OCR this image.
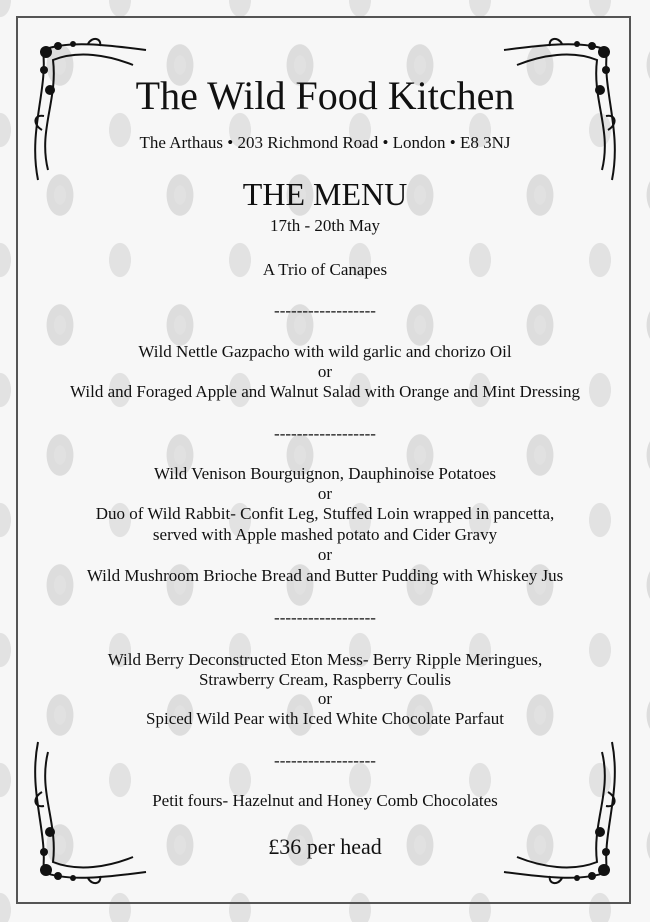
The Wild Food Kitchen
The Arthaus • 203 Richmond Road • London • E8 3NJ
THE MENU
17th - 20th May
A Trio of Canapes
------------------
Wild Nettle Gazpacho with wild garlic and chorizo Oil
or
Wild and Foraged Apple and Walnut Salad with Orange and Mint Dressing
------------------
Wild Venison Bourguignon, Dauphinoise Potatoes
or
Duo of Wild Rabbit- Confit Leg, Stuffed Loin wrapped in pancetta,
served with Apple mashed potato and Cider Gravy
or
Wild Mushroom Brioche Bread and Butter Pudding with Whiskey Jus
------------------
Wild Berry Deconstructed Eton Mess- Berry Ripple Meringues,
Strawberry Cream, Raspberry Coulis
or
Spiced Wild Pear with Iced White Chocolate Parfaut
------------------
Petit fours- Hazelnut and Honey Comb Chocolates
£36 per head
